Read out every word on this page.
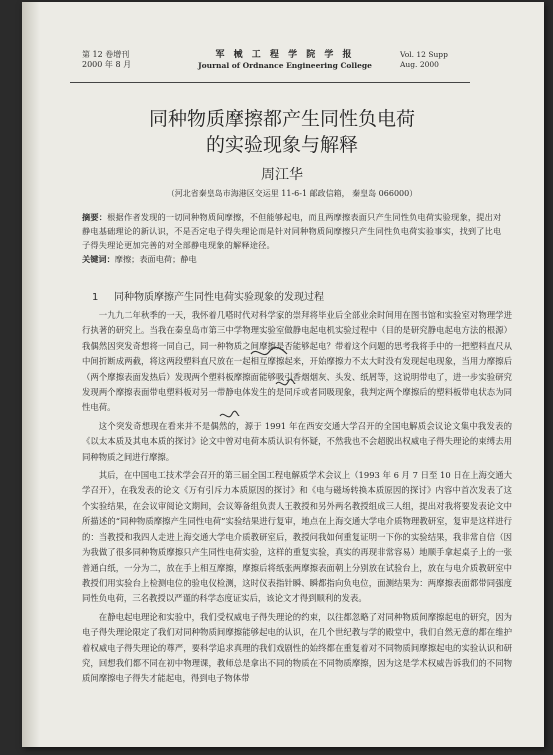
第 12 卷增刊
2000 年 8 月
军 械 工 程 学 院 学 报
Journal of Ordnance Engineering College
Vol. 12 Supp
Aug. 2000
同种物质摩擦都产生同性负电荷
的实验现象与解释
周江华
（河北省秦皇岛市海港区交运里 11-6-1 邮政信箱， 秦皇岛 066000）
摘要：根据作者发现的一切同种物质间摩擦，不但能够起电，而且两摩擦表面只产生同性负电荷实验现象，提出对静电基础理论的新认识，不是否定电子得失理论而是针对同种物质间摩擦只产生同性负电荷实验事实，找到了比电子得失理论更加完善的对全部静电现象的解释途径。
关键词：摩擦；表面电荷；静电
1 同种物质摩擦产生同性电荷实验现象的发现过程

一九九二年秋季的一天，我怀着几嗒时代对科学家的崇拜将毕业后全部业余时间用在图书馆和实验室对物理学进行执著的研究上。当我在秦皇岛市第三中学物理实验室做静电起电机实验过程中（目的是研究静电起电方法的根源）我偶然因突发奇想将一同自己，同一种物质之间摩擦是否能够起电？带着这个问题的思考我将手中的一把塑料直尺从中间折断成两截，将这两段塑料直尺放在一起相互摩擦起来，开始摩擦力不太大时没有发现起电现象，当用力摩擦后（两个摩擦表面发热后）发现两个塑料板摩擦面能够吸引香烟烟灰、头发、纸屑等，这说明带电了，进一步实验研究发现两个摩擦表面带电塑料板对另一带静电体发生的是同斥或者同吸现象，我判定两个摩擦后的塑料板带电状态为同性电荷。

这个突发奇想现在看来并不是偶然的，源于 1991 年在西安交通大学召开的全国电解质会议论文集中我发表的《以太本质及其电本质的探讨》论文中曾对电荷本质认识有怀疑，不然我也不会超脱出权威电子得失理论的束缚去用同种物质之间进行摩擦。

其后，在中国电工技术学会召开的第三届全国工程电解质学术会议上（1993 年 6 月 7 日至 10 日在上海交通大学召开），在我发表的论文《万有引斥力本质原因的探讨》和《电与磁场转换本质原因的探讨》内容中首次发表了这个实验结果，在会议审阅论文期间，会议筹备组负责人王教授和另外两名教授组成三人组，提出对我将要发表论文中所描述的“同种物质摩擦产生同性电荷”实验结果进行复审，地点在上海交通大学电介质物理教研室，复审是这样进行的：当教授和我四人走进上海交通大学电介质教研室后，教授问我如何重复证明一下你的实验结果，我非常自信（因为我做了很多同种物质摩擦只产生同性电荷实验，这样的重复实验，真实的再现非常容易）地顺手拿起桌子上的一张普通白纸，一分为二，放在手上相互摩擦，摩擦后将纸张两摩擦表面朝上分别放在试验台上，放在与电介质教研室中教授们用实验台上检测电位的验电仪检测，这时仪表指针瞬、瞬都指向负电位，面测结果为：两摩擦表面都带同强度同性负电荷，三名教授以严谨的科学态度证实后，该论文才得到顺利的发表。

在静电起电理论和实验中，我们受权威电子得失理论的约束，以往都忽略了对同种物质间摩擦起电的研究，因为电子得失理论限定了我们对同种物质间摩擦能够起电的认识，在几个世纪教与学的殿堂中，我们自然无意的都在维护着权威电子得失理论的尊严，要科学追求真理的我们戏剧性的始终都在重复着对不同物质间摩擦起电的实验认识和研究，回想我们都不同在初中物理课，教师总是拿出不同的物质在不同物质摩擦，因为这是学术权威告诉我们的不同物质间摩擦电子得失才能起电，得到电子物体带
